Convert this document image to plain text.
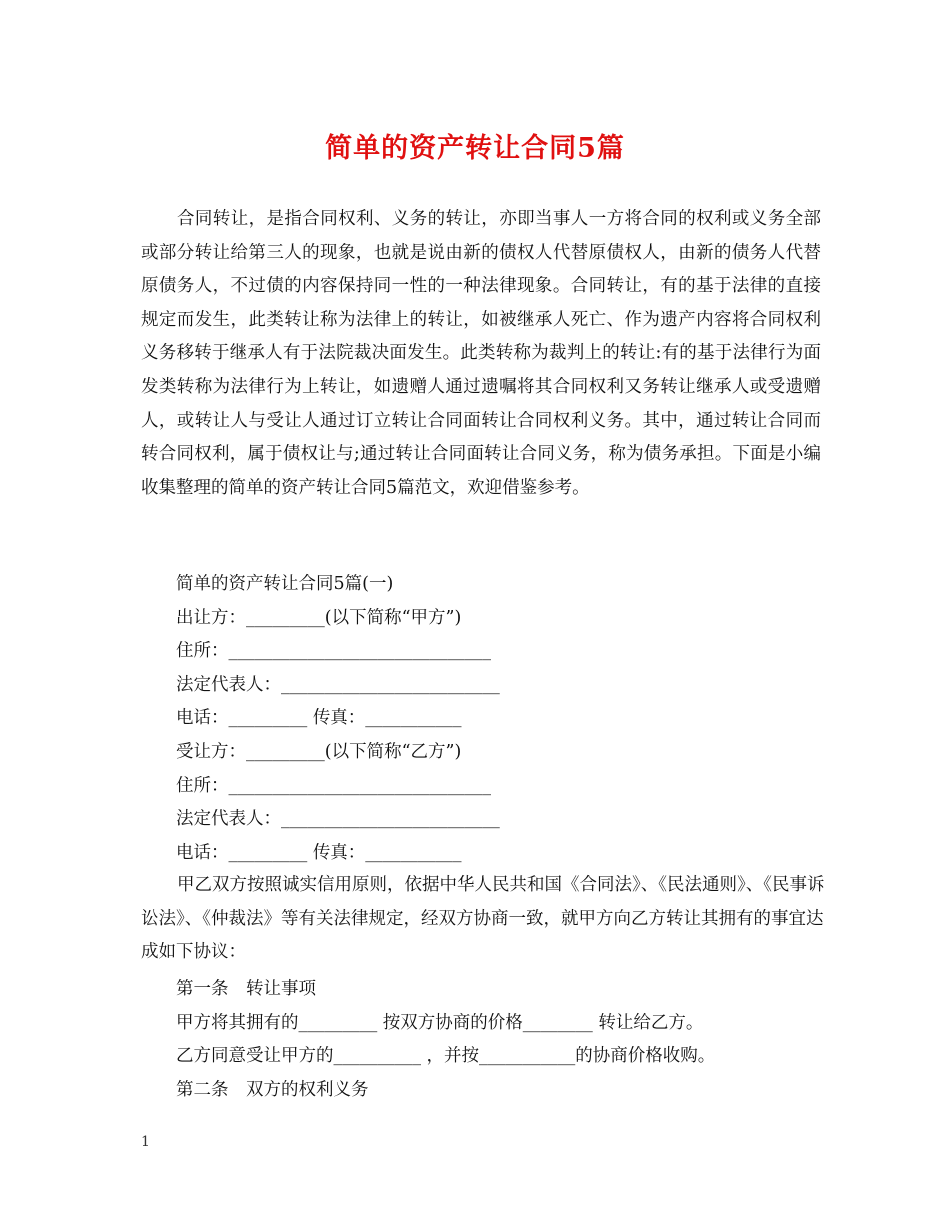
简单的资产转让合同5篇

合同转让，是指合同权利、义务的转让，亦即当事人一方将合同的权利或义务全部或部分转让给第三人的现象，也就是说由新的债权人代替原债权人，由新的债务人代替原债务人，不过债的内容保持同一性的一种法律现象。合同转让，有的基于法律的直接规定而发生，此类转让称为法律上的转让，如被继承人死亡、作为遗产内容将合同权利义务移转于继承人有于法院裁决面发生。此类转称为裁判上的转让:有的基于法律行为面发类转称为法律行为上转让，如遗赠人通过遗嘱将其合同权利又务转让继承人或受遗赠人，或转让人与受让人通过订立转让合同面转让合同权利义务。其中，通过转让合同而转合同权利，属于债权让与;通过转让合同面转让合同义务，称为债务承担。下面是小编收集整理的简单的资产转让合同5篇范文，欢迎借鉴参考。

简单的资产转让合同5篇(一)
出让方：_________(以下简称“甲方”)
住所：______________________________
法定代表人：_________________________
电话：_________ 传真：___________
受让方：_________(以下简称“乙方”)
住所：______________________________
法定代表人：_________________________
电话：_________ 传真：___________

甲乙双方按照诚实信用原则，依据中华人民共和国《合同法》、《民法通则》、《民事诉讼法》、《仲裁法》等有关法律规定，经双方协商一致，就甲方向乙方转让其拥有的事宜达成如下协议：

第一条　转让事项
甲方将其拥有的_________ 按双方协商的价格________ 转让给乙方。
乙方同意受让甲方的__________ ，并按___________的协商价格收购。
第二条　双方的权利义务
1
